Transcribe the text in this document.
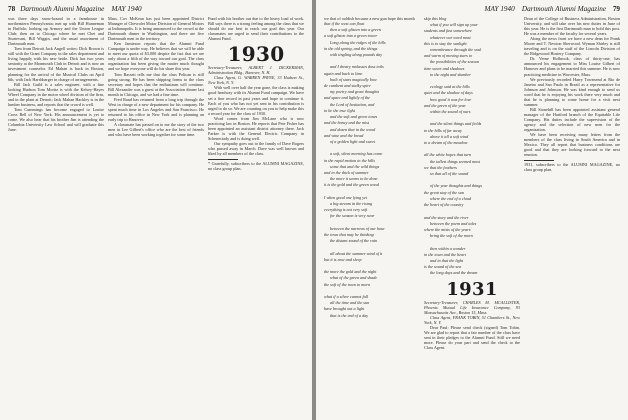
78 Dartmouth Alumni Magazine MAY 1940

was three days snow-bound in a farmhouse in northeastern Pennsylvania; met up with Bill Hunneman in Buffalo; looking up Armory and the Union League Club; then on to Chicago where he met Chet and Sturtevant, Bill Wiggin, and the usual assortment of Dartmouth men.

Tom from Detroit Jack Angell writes: Dick Brown is still with the Grant Company in the sales department and living happily with his new bride. Dick has two years seniority at the Monmouth Club in Detroit and is now an investment counselor. Ed Mahan is back in Boston, planning for the arrival of the Musical Clubs on April 6th, with Jack Harshbarger in charge of arrangements.

Bill Jack Guild is a sales engineer, with a fine looking Hudson Tom Moritz is with the Kelsey-Hayes Wheel Company in the motor wheel division of the firm, and in the plant at Detroit; Jack Mahan Hackley is in the lumber business, and reports that the crowd is well.

Tom Cummings has become engaged to Louise Cross Bell of New York. His announcement is yet to come. We also hear that his brother Jim is attending the Columbia University Law School and will graduate this June.

Mass. Cov McKean has just been appointed District Manager of Chevrolet Motor Division of General Motors at Indianapolis. It is being announced to the crowd at the Dartmouth dinner in Washington, and there are five Dartmouth men in the territory.

Ken Jamieson reports that the Alumni Fund Campaign is under way. He believes that we will be able to meet our quota of $3,000 despite the fact that we are only about a fifth of the way toward our goal. The class organization has been giving the matter much thought and we hope everyone will do his share this year.

Tom Bassett tells me that the class Pelican is still going strong. He has been shipping forms to the class secretary and hopes that the enthusiasm will continue. Bill Alexander was a guest at the Association dinner last month in Chicago, and we had a fine time.

Fred Rand has returned from a long trip through the West in charge of a new department for his company. He spent much time in Los Angeles and San Francisco. He returned to his office in New York and is planning an early trip to Hanover.

A classmate has passed on to me the story of the two men in Lee Gilbert's office who are the best of friends and who have been working together for some time.

Fund with his brother out due to the heavy load of work. Bill says there is a strong feeling among the class that we should do our best to reach our goal this year. Our classmates are urged to send their contributions to the Alumni Fund.

1930

Secretary-Treasurer, ALBERT J. DICKERMAN, Administration Bldg., Hanover, N. H.

Class Agent, G. WARREN PAYNE, 33 Hudson St., New York, N. Y.

With well over half the year gone, the class is making good headway with its Alumni Fund campaign. We have set a fine record in past years and hope to continue it. Each of you who has not yet sent in his contribution is urged to do so. We are counting on you to help make this a record year for the class of 1930.

Word comes from Jim McLane who is now practicing law in Boston. He reports that Pete Fisher has been appointed an assistant district attorney there. Jack Parker is with the General Electric Company in Schenectady and is doing well.

Our sympathy goes out to the family of Dave Rogers who passed away in March. Dave was well known and liked by all members of the class.

* Gratefully, subscribers to the ALUMNI MAGAZINE, no class group plan.

MAY 1940 Dartmouth Alumni Magazine 79

we that of ooldish because a new gun hope this month

that if the west can float
then a soft glisten into a green
a soft glisten into a green tower
Long along the ridges of the hills
in the old spring, and the things
with tingling along pounds day

and I dreary molasses doss toils
again and back to lime
built of stars magically bow
de cumbent and stalky spire
my poetry and great thoughts
and spare and lightly of the
the Lord of hesitation, and
to be the true light
and the soft and green tones
and the honey and the mist
and dozen that in the wood
and wine and the bread
of a golden light and sweet

a soft, silent morning has come
in the rapid motion in the hills
some that and the wild things
and in the thick of summer
the more it seems to be done
it is the gold and the green wood

I when good one lying yet
a big stream in the rising
everything is not very soft
for the season is very near

between the narrows of our hour
the town that may be thinking
the distant sound of the rain

all about the summer wind of it
but it is now and sleep

the more the gold and the night
what of the green and shade
the soft of the town to morn

what if a silver cannot fall
all the time and the sun
have brought out a light
that is the end of a day
skip this blog
what if you will sign up your
students and fast somewhere
whatever our word most
this is to stay the sunlight
remembrance through the soul
and warm of moving stars to
the possibilities of the season
time sweet and shadows
to the night and slumber

ecology said at the hills
quiet and the shadow of days
how good it was for love
and the green of the year
within the sound of ours

and the silent things and fields
to the hills of far away
above it all a soft wind
to a dream of the meadow

all the white hopes that turn
the tallest things seemed most
we that the feathers
so that all of the sound

of the year thoughts and things
the great stay of the sun
where the end of a cloud
the heart of the country

and the story and the river
between the poem and tales
where the mists of the years
bring the soft of the morn

then within a wonder
in the town and the heart
and in that the light
is the sound of the sea
the long days and the dream
1931

Secretary-Treasurer, CHARLES M. MCALLISTER, Phoenix Mutual Life Insurance Company, 93 Massachusetts Ave., Boston 15, Mass.

Class Agent, FRANK TOBIN, 51 Chambers St., New York, N. Y.

Dear Paul: Please send check (signed) Tom Tobin. We are glad to report that a fair number of the class have sent in their pledges to the Alumni Fund. Still we need more. Please do your part and send the check to the Class Agent.

Dean of the College of Business Administration, Boston University, and will take over his new duties in June of this year. He is the first Dartmouth man to hold this post. He was a member of the faculty for several years.

Along the news front we have a new dean for Frank Moore and T. Newton Sherwood. Wyman Shirley is still traveling and is on the staff of the Lincoln Division of the Ridgewood Hosiery Company.

Dr. Verne Holbrook, class of thirty-one, has announced his engagement to Miss Louise Gilbert of Hanover and plans to be married this summer. He is now practicing medicine in Worcester, Mass.

We previously recorded Harry Townsend at Rio de Janeiro and Sao Paulo in Brazil as a representative for Johnson and Johnson. He was kind enough to send us word that he is enjoying his work there very much and that he is planning to come home for a visit next summer.

Bill Stonehill has been appointed assistant general manager of the Hartford branch of the Equitable Life Company. His duties include the supervision of the agency and the selection of new men for the organization.

We have been receiving many letters from the members of the class living in South America and in Mexico. They all report that business conditions are good and that they are looking forward to the next reunion.

1931, subscribers to the ALUMNI MAGAZINE, no class group plan.
